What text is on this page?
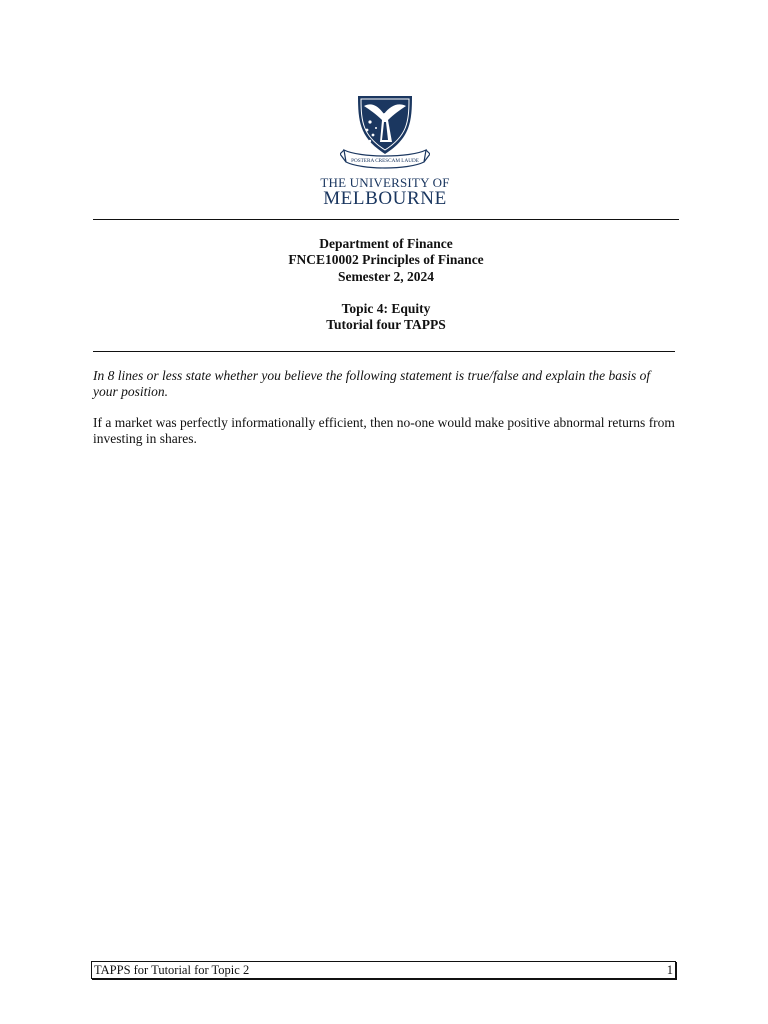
POSTERA CRESCAM LAUDE
THE UNIVERSITY OF
MELBOURNE
Department of Finance
FNCE10002 Principles of Finance
Semester 2, 2024
Topic 4: Equity
Tutorial four TAPPS
In 8 lines or less state whether you believe the following statement is true/false and explain the basis of your position.
If a market was perfectly informationally efficient, then no-one would make positive abnormal returns from investing in shares.
TAPPS for Tutorial for Topic 2	1
